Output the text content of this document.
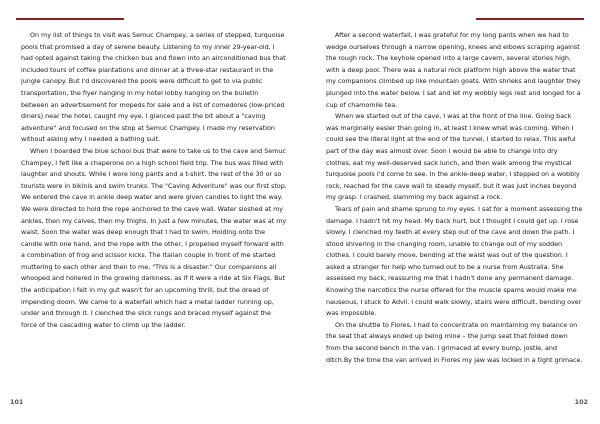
On my list of things to visit was Semuc Champey, a series of stepped, turquoise pools that promised a day of serene beauty. Listening to my inner 29-year-old, I had opted against taking the chicken bus and flown into an airconditioned bus that included tours of coffee plantations and dinner at a three-star restaurant in the jungle canopy. But I'd discovered the pools were difficult to get to via public transportation, the flyer hanging in my hotel lobby hanging on the bulletin between an advertisement for mopeds for sale and a list of comedores (low-priced diners) near the hotel, caught my eye. I glanced past the bit about a "caving adventure" and focused on the stop at Semuc Champey. I made my reservation without asking why I needed a bathing suit.

When I boarded the blue school bus that were to take us to the cave and Semuc Champey, I felt like a chaperone on a high school field trip. The bus was filled with laughter and shouts. While I wore long pants and a t-shirt, the rest of the 30 or so tourists were in bikinis and swim trunks. The "Caving Adventure" was our first stop. We entered the cave in ankle deep water and were given candles to light the way. We were directed to hold the rope anchored to the cave wall. Water sloshed at my ankles, then my calves, then my thighs. In just a few minutes, the water was at my waist. Soon the water was deep enough that I had to swim. Holding onto the candle with one hand, and the rope with the other, I propelled myself forward with a combination of frog and scissor kicks. The Italian couple in front of me started muttering to each other and then to me, "This is a disaster." Our companions all whooped and hollered in the growing darkness, as if it were a ride at Six Flags. But the anticipation I felt in my gut wasn't for an upcoming thrill, but the dread of impending doom. We came to a waterfall which had a metal ladder running up, under and through it. I clenched the slick rungs and braced myself against the force of the cascading water to climb up the ladder.

101

After a second waterfall, I was grateful for my long pants when we had to wedge ourselves through a narrow opening, knees and elbows scraping against the rough rock. The keyhole opened into a large cavern, several stories high, with a deep pool. There was a natural rock platform high above the water that my companions climbed up like mountain goats. With shrieks and laughter they plunged into the water below. I sat and let my wobbly legs rest and longed for a cup of chamomile tea.

When we started out of the cave, I was at the front of the line. Going back was marginally easier than going in, at least I knew what was coming. When I could see the literal light at the end of the tunnel, I started to relax. This awful part of the day was almost over. Soon I would be able to change into dry clothes, eat my well-deserved sack lunch, and then walk among the mystical turquoise pools I'd come to see. In the ankle-deep water, I stepped on a wobbly rock, reached for the cave wall to steady myself, but it was just inches beyond my grasp. I crashed, slamming my back against a rock.

Tears of pain and shame sprung to my eyes. I sat for a moment assessing the damage. I hadn't hit my head. My back hurt, but I thought I could get up. I rose slowly. I clenched my teeth at every step out of the cave and down the path. I stood shivering in the changing room, unable to change out of my sodden clothes. I could barely move, bending at the waist was out of the question. I asked a stranger for help who turned out to be a nurse from Australia. She assessed my back, reassuring me that I hadn't done any permanent damage. Knowing the narcotics the nurse offered for the muscle spams would make me nauseous, I stuck to Advil. I could walk slowly, stairs were difficult, bending over was impossible.

On the shuttle to Flores, I had to concentrate on maintaining my balance on the seat that always ended up being mine – the jump seat that folded down from the second bench in the van. I grimaced at every bump, jostle, and ditch.By the time the van arrived in Flores my jaw was locked in a tight grimace.

102
